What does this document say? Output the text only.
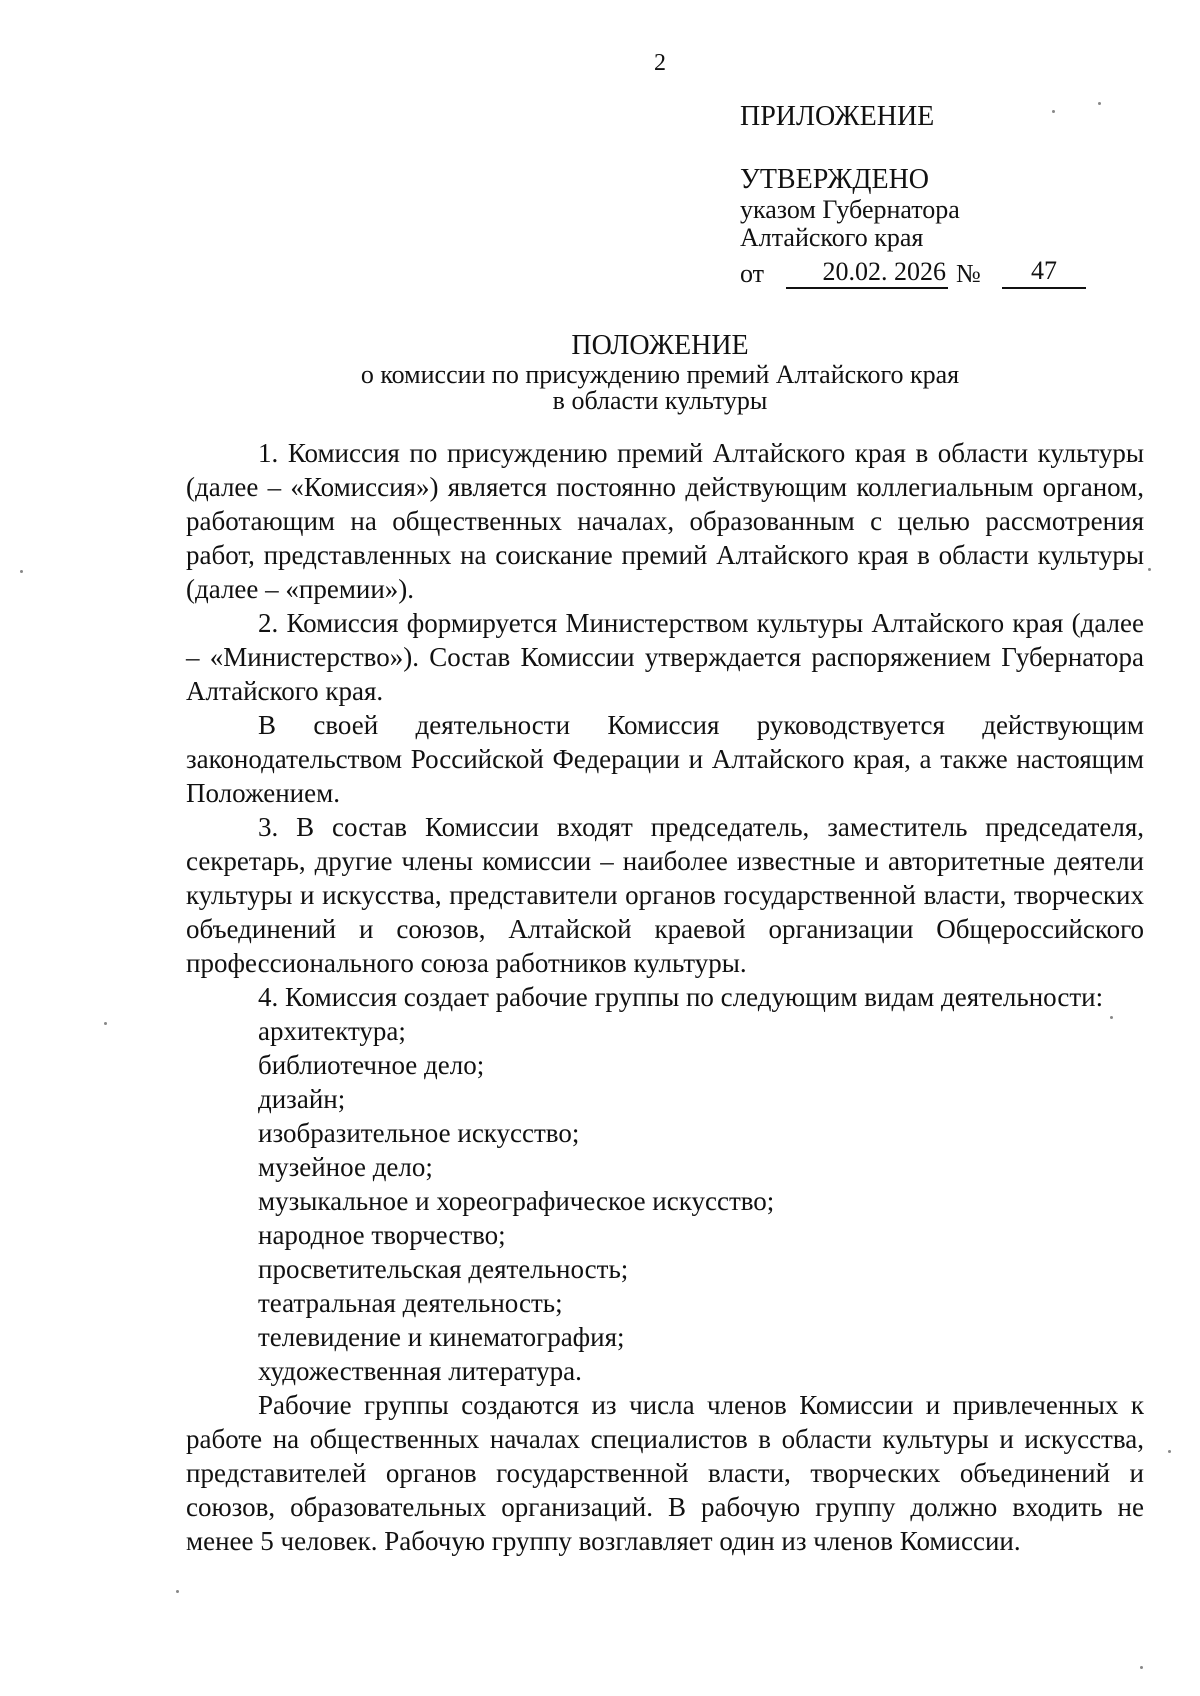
2
ПРИЛОЖЕНИЕ
УТВЕРЖДЕНО
указом Губернатора
Алтайского края
от	20.02. 2026 №	47
ПОЛОЖЕНИЕ
о комиссии по присуждению премий Алтайского края
в области культуры

1. Комиссия по присуждению премий Алтайского края в области культуры (далее – «Комиссия») является постоянно действующим коллегиальным органом, работающим на общественных началах, образованным с целью рассмотрения работ, представленных на соискание премий Алтайского края в области культуры (далее – «премии»).

2. Комиссия формируется Министерством культуры Алтайского края (далее – «Министерство»). Состав Комиссии утверждается распоряжением Губернатора Алтайского края.

В своей деятельности Комиссия руководствуется действующим законодательством Российской Федерации и Алтайского края, а также настоящим Положением.

3. В состав Комиссии входят председатель, заместитель председателя, секретарь, другие члены комиссии – наиболее известные и авторитетные деятели культуры и искусства, представители органов государственной власти, творческих объединений и союзов, Алтайской краевой организации Общероссийского профессионального союза работников культуры.

4. Комиссия создает рабочие группы по следующим видам деятельности:

архитектура;
библиотечное дело;
дизайн;
изобразительное искусство;
музейное дело;
музыкальное и хореографическое искусство;
народное творчество;
просветительская деятельность;
театральная деятельность;
телевидение и кинематография;
художественная литература.

Рабочие группы создаются из числа членов Комиссии и привлеченных к работе на общественных началах специалистов в области культуры и искусства, представителей органов государственной власти, творческих объединений и союзов, образовательных организаций. В рабочую группу должно входить не менее 5 человек. Рабочую группу возглавляет один из членов Комиссии.
